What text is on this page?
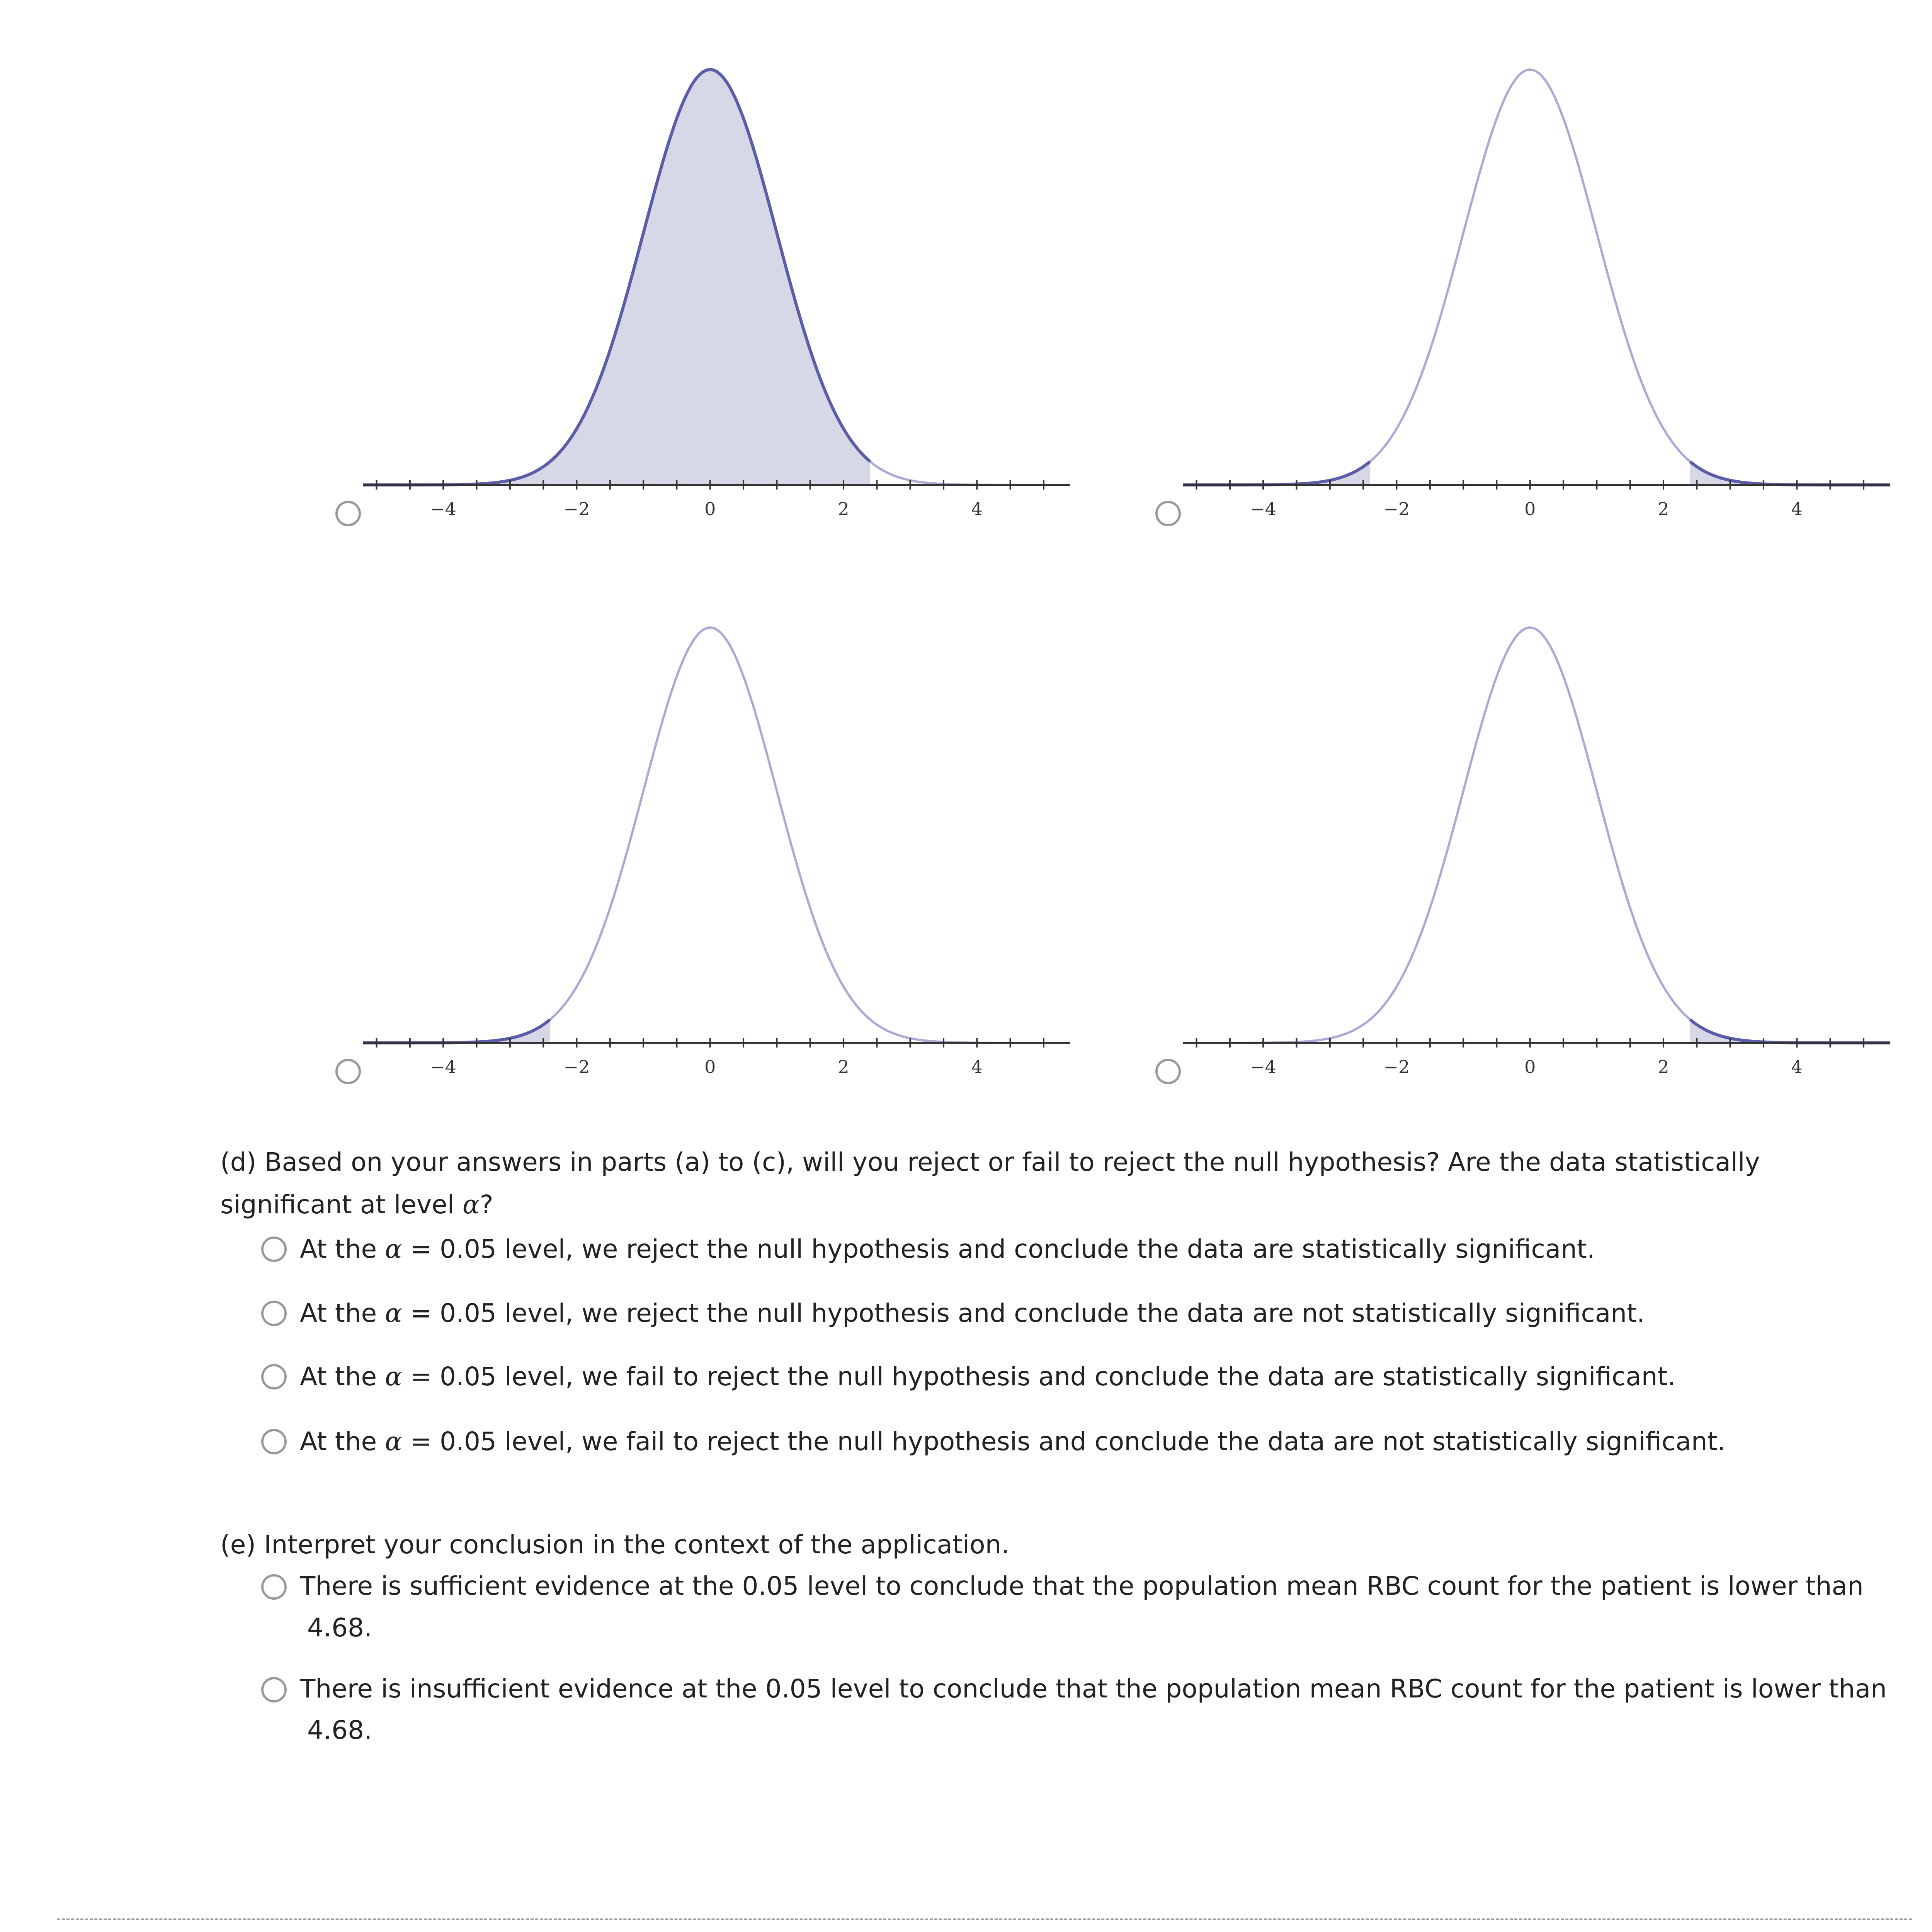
−4	−2	0	2	4	−4	−2	0	2	4
−4	−2	0	2	4	−4	−2	0	2	4
(d) Based on your answers in parts (a) to (c), will you reject or fail to reject the null hypothesis? Are the data statistically
significant at level α?
At the α = 0.05 level, we reject the null hypothesis and conclude the data are statistically significant.
At the α = 0.05 level, we reject the null hypothesis and conclude the data are not statistically significant.
At the α = 0.05 level, we fail to reject the null hypothesis and conclude the data are statistically significant.
At the α = 0.05 level, we fail to reject the null hypothesis and conclude the data are not statistically significant.
(e) Interpret your conclusion in the context of the application.
There is sufficient evidence at the 0.05 level to conclude that the population mean RBC count for the patient is lower than
4.68.
There is insufficient evidence at the 0.05 level to conclude that the population mean RBC count for the patient is lower than
4.68.
